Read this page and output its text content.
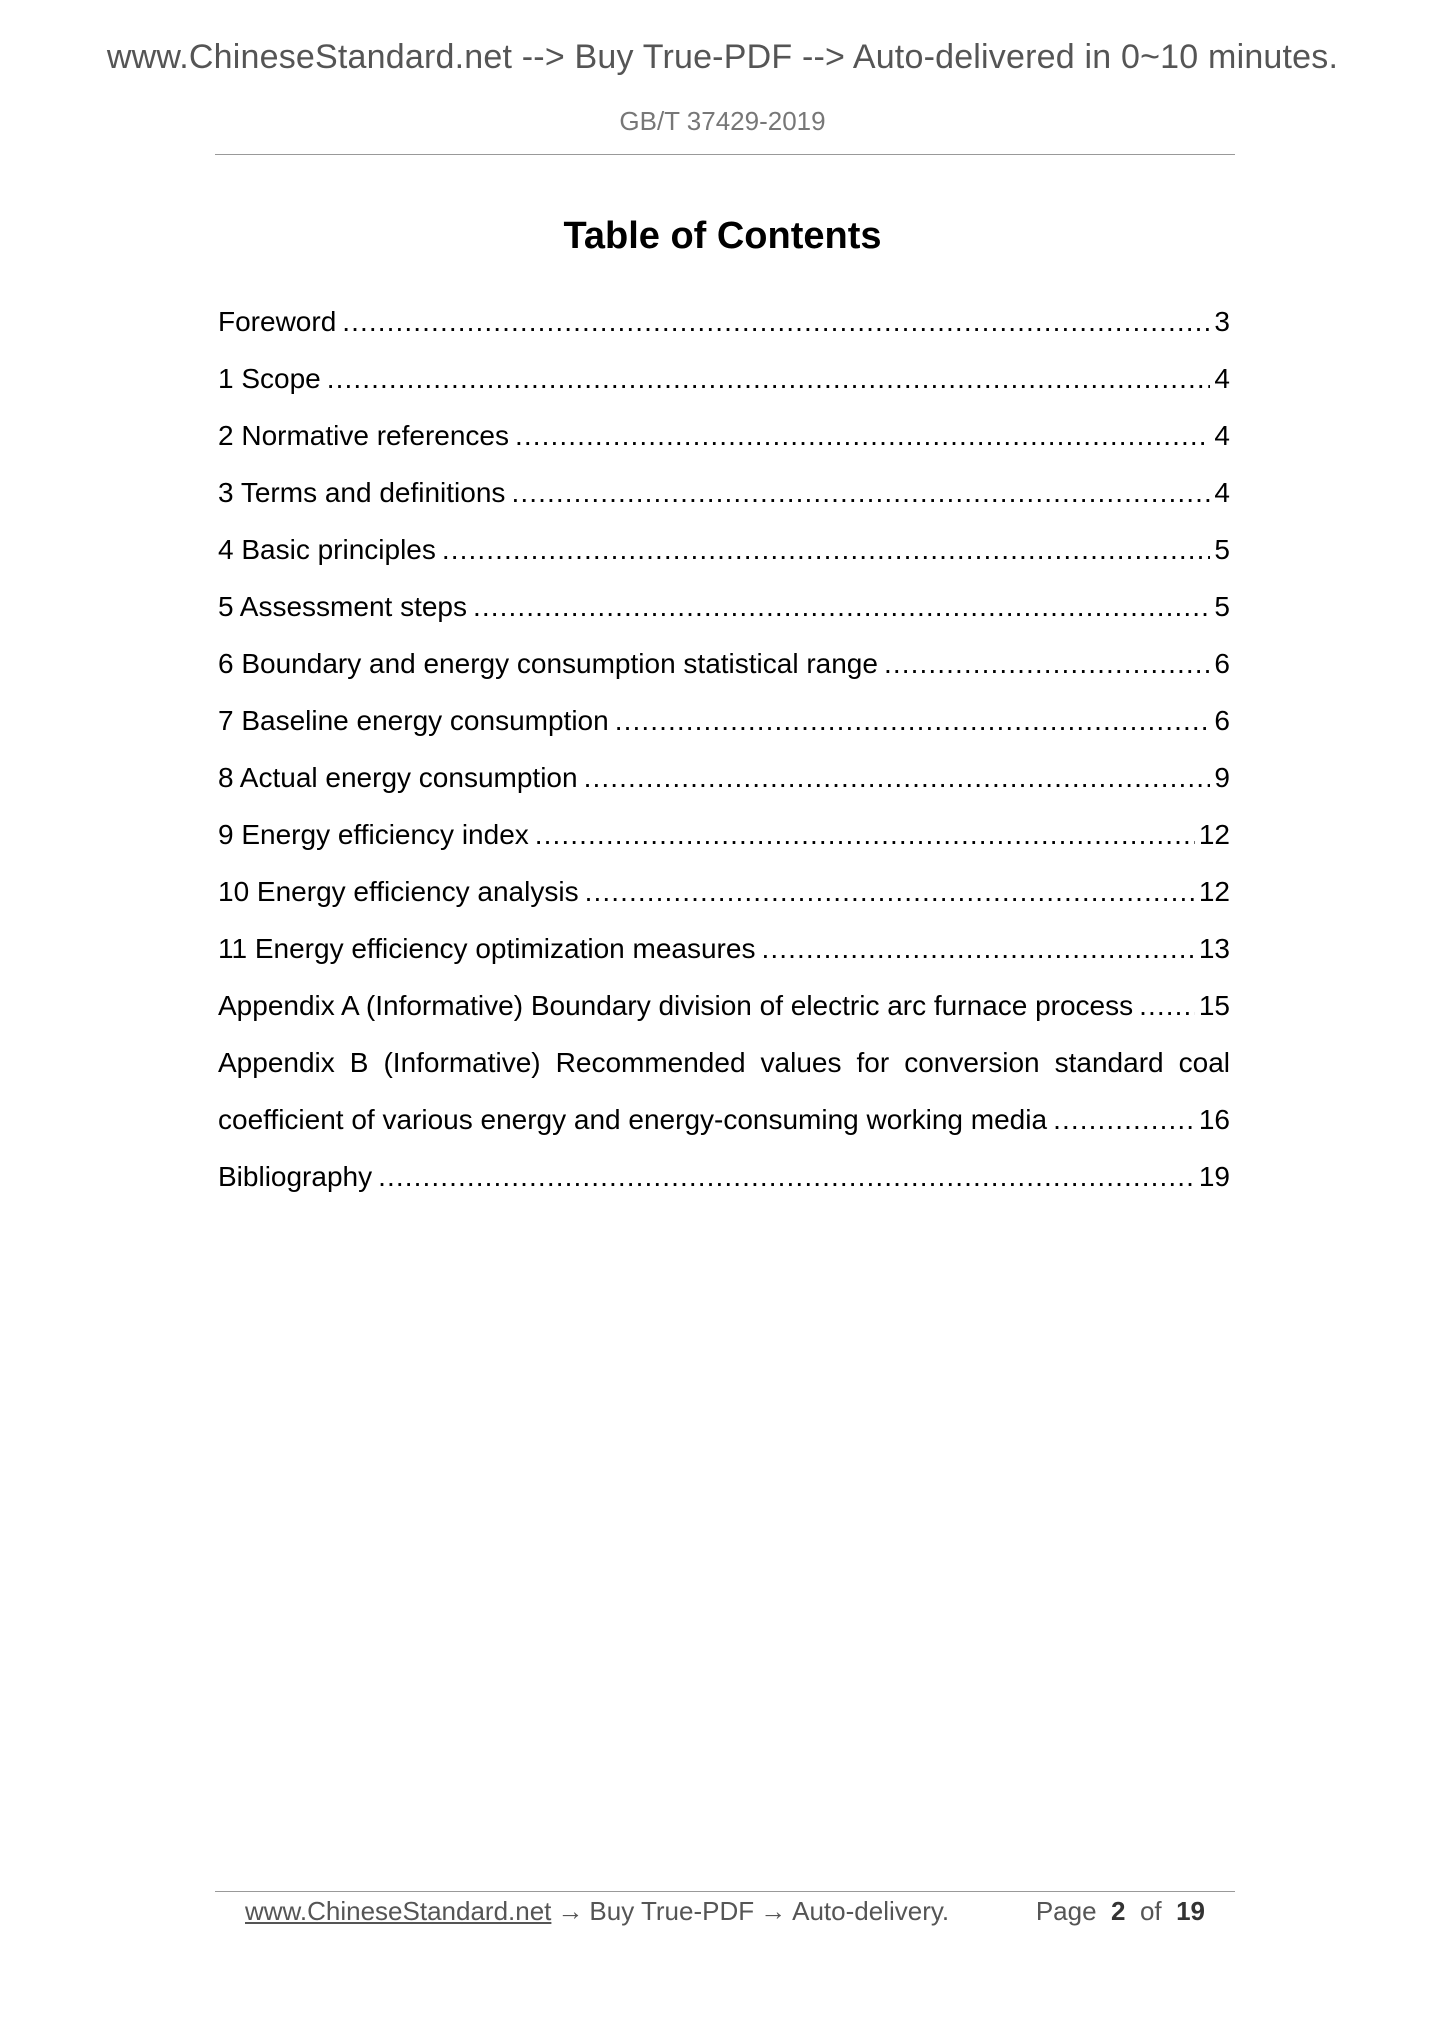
www.ChineseStandard.net --> Buy True-PDF --> Auto-delivered in 0~10 minutes.
GB/T 37429-2019
Table of Contents
Foreword .....	3
1 Scope .....	4
2 Normative references .....	4
3 Terms and definitions .....	4
4 Basic principles .....	5
5 Assessment steps .....	5
6 Boundary and energy consumption statistical range .....	6
7 Baseline energy consumption .....	6
8 Actual energy consumption .....	9
9 Energy efficiency index .....	12
10 Energy efficiency analysis .....	12
11 Energy efficiency optimization measures .....	13
Appendix A (Informative) Boundary division of electric arc furnace process ..... 15
Appendix B (Informative) Recommended values for conversion standard coal
coefficient of various energy and energy-consuming working media .....	16
Bibliography .....	19
www.ChineseStandard.net → Buy True-PDF → Auto-delivery.	Page 2 of 19
